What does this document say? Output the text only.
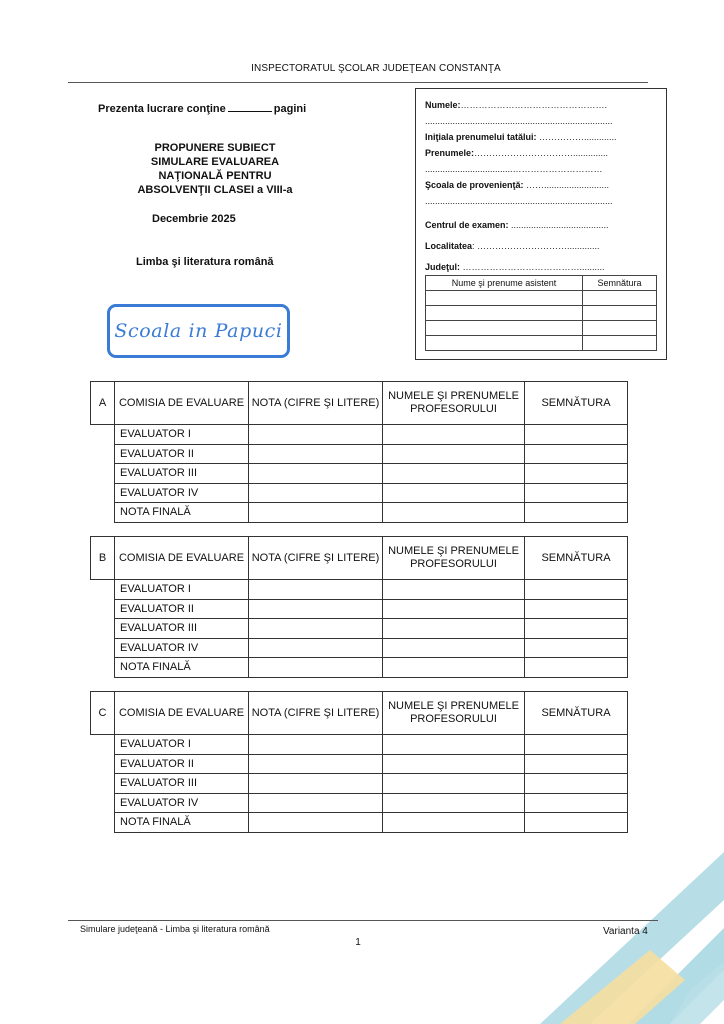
INSPECTORATUL ŞCOLAR JUDEŢEAN CONSTANŢA
Prezenta lucrare conţine	pagini
PROPUNERE SUBIECT
SIMULARE EVALUAREA
NAŢIONALĂ PENTRU
ABSOLVENŢII CLASEI a VIII-a
Decembrie 2025
Limba şi literatura română
Scoala in Papuci
Numele:………………………………………….
...........................................................................
Iniţiala prenumelui tatălui: …………….............
Prenumele:……………………………..............
...................................…………………………
Şcoala de provenienţă: ……..........................
...........................................................................
Centrul de examen: .......................................
Localitatea: ………………………….............
Judeţul: …………………………………..........
Nume şi prenume asistent	Semnătura

A	COMISIA DE EVALUARE	NOTA (CIFRE ŞI LITERE)	NUMELE ŞI PRENUMELE PROFESORULUI	SEMNĂTURA
	EVALUATOR I			
	EVALUATOR II			
	EVALUATOR III			
	EVALUATOR IV			
	NOTA FINALĂ			
B	COMISIA DE EVALUARE	NOTA (CIFRE ŞI LITERE)	NUMELE ŞI PRENUMELE PROFESORULUI	SEMNĂTURA
	EVALUATOR I			
	EVALUATOR II			
	EVALUATOR III			
	EVALUATOR IV			
	NOTA FINALĂ			
C	COMISIA DE EVALUARE	NOTA (CIFRE ŞI LITERE)	NUMELE ŞI PRENUMELE PROFESORULUI	SEMNĂTURA
	EVALUATOR I			
	EVALUATOR II			
	EVALUATOR III			
	EVALUATOR IV			
	NOTA FINALĂ			
Simulare judeţeană - Limba şi literatura română	Varianta 4
1
